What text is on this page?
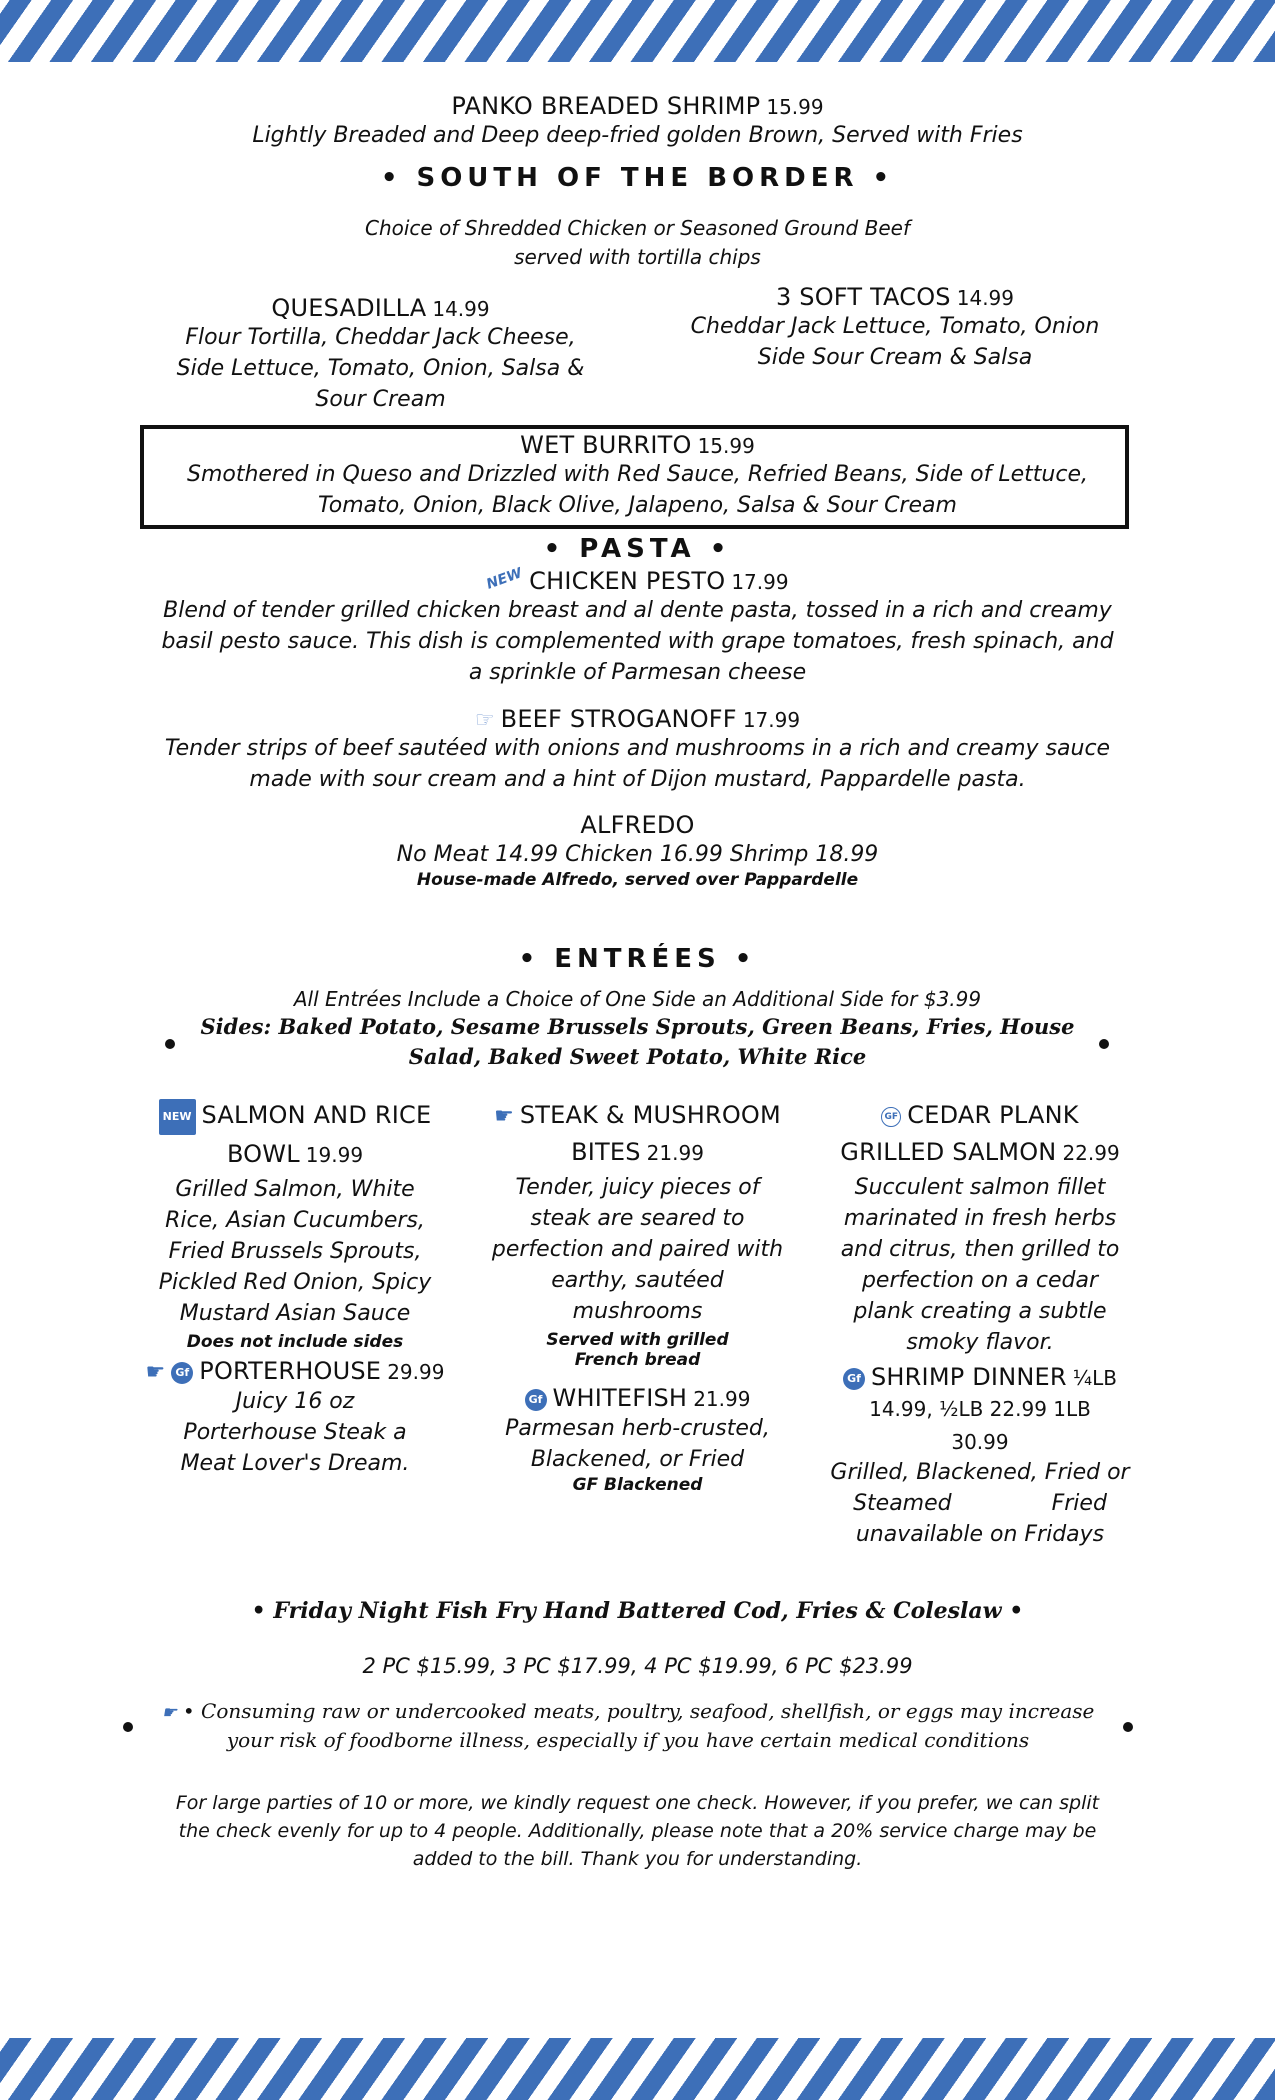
PANKO BREADED SHRIMP 15.99
Lightly Breaded and Deep deep-fried golden Brown, Served with Fries
• SOUTH OF THE BORDER •
Choice of Shredded Chicken or Seasoned Ground Beef
served with tortilla chips
QUESADILLA 14.99
Flour Tortilla, Cheddar Jack Cheese, Side Lettuce, Tomato, Onion, Salsa & Sour Cream
3 SOFT TACOS 14.99
Cheddar Jack Lettuce, Tomato, Onion Side Sour Cream & Salsa
WET BURRITO 15.99
Smothered in Queso and Drizzled with Red Sauce, Refried Beans, Side of Lettuce, Tomato, Onion, Black Olive, Jalapeno, Salsa & Sour Cream
• PASTA •
NEW CHICKEN PESTO 17.99
Blend of tender grilled chicken breast and al dente pasta, tossed in a rich and creamy basil pesto sauce. This dish is complemented with grape tomatoes, fresh spinach, and a sprinkle of Parmesan cheese
☞ BEEF STROGANOFF 17.99
Tender strips of beef sautéed with onions and mushrooms in a rich and creamy sauce made with sour cream and a hint of Dijon mustard, Pappardelle pasta.
ALFREDO
No Meat 14.99 Chicken 16.99 Shrimp 18.99
House-made Alfredo, served over Pappardelle
• ENTRÉES •
All Entrées Include a Choice of One Side an Additional Side for $3.99
Sides: Baked Potato, Sesame Brussels Sprouts, Green Beans, Fries, House Salad, Baked Sweet Potato, White Rice
NEW SALMON AND RICE BOWL 19.99
Grilled Salmon, White Rice, Asian Cucumbers, Fried Brussels Sprouts, Pickled Red Onion, Spicy Mustard Asian Sauce
Does not include sides
☛ Gf PORTERHOUSE 29.99
Juicy 16 oz Porterhouse Steak a Meat Lover's Dream.
☛ STEAK & MUSHROOM BITES 21.99
Tender, juicy pieces of steak are seared to perfection and paired with earthy, sautéed mushrooms
Served with grilled French bread
Gf WHITEFISH 21.99
Parmesan herb-crusted, Blackened, or Fried
GF Blackened
GF CEDAR PLANK GRILLED SALMON 22.99
Succulent salmon fillet marinated in fresh herbs and citrus, then grilled to perfection on a cedar plank creating a subtle smoky flavor.
Gf SHRIMP DINNER ¼LB
14.99, ½LB 22.99 1LB
30.99
Grilled, Blackened, Fried or
Steamed	Fried
unavailable on Fridays
• Friday Night Fish Fry Hand Battered Cod, Fries & Coleslaw •
2 PC $15.99, 3 PC $17.99, 4 PC $19.99, 6 PC $23.99
☛ • Consuming raw or undercooked meats, poultry, seafood, shellfish, or eggs may increase your risk of foodborne illness, especially if you have certain medical conditions
For large parties of 10 or more, we kindly request one check. However, if you prefer, we can split the check evenly for up to 4 people. Additionally, please note that a 20% service charge may be added to the bill. Thank you for understanding.
